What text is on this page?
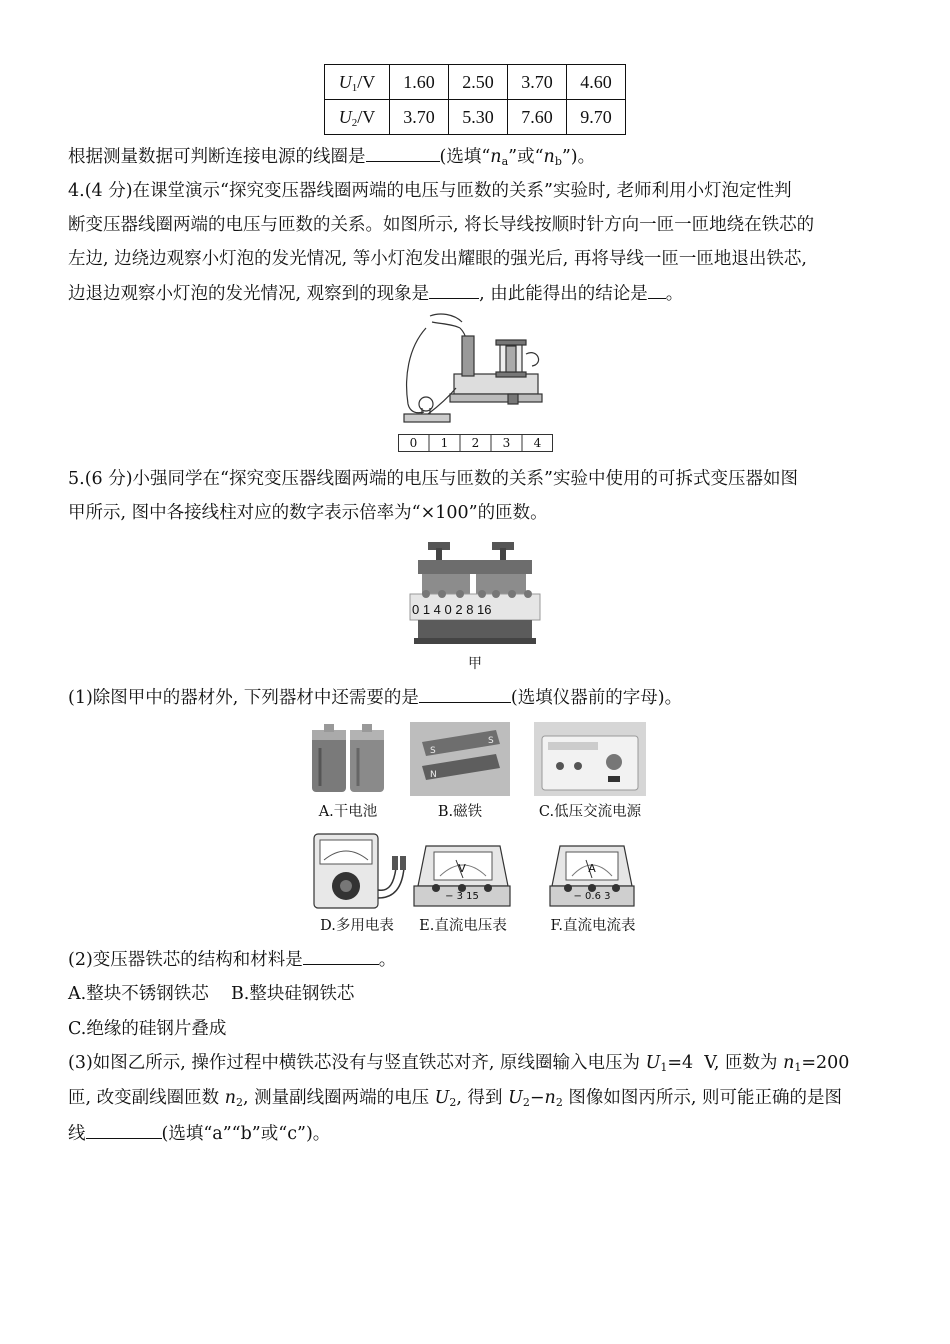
$U_1/V$	1.60	2.50	3.70	4.60
$U_2/V$	3.70	5.30	7.60	9.70
根据测量数据可判断连接电源的线圈是	(选填“$n_a$”或“$n_b$”)。
4.(4 分)在课堂演示“探究变压器线圈两端的电压与匝数的关系”实验时, 老师利用小灯泡定性判
断变压器线圈两端的电压与匝数的关系。如图所示, 将长导线按顺时针方向一匝一匝地绕在铁芯的
左边, 边绕边观察小灯泡的发光情况, 等小灯泡发出耀眼的强光后, 再将导线一匝一匝地退出铁芯,
边退边观察小灯泡的发光情况, 观察到的现象是	, 由此能得出的结论是 。
0	1	2	3	4
5.(6 分)小强同学在“探究变压器线圈两端的电压与匝数的关系”实验中使用的可拆式变压器如图
甲所示, 图中各接线柱对应的数字表示倍率为“×100”的匝数。
0 1 4 0 2 8 16
甲
(1)除图甲中的器材外, 下列器材中还需要的是	(选填仪器前的字母)。
A.干电池
S
S
N
B.磁铁	C.低压交流电源
D.多用电表
V
− 3 15
E.直流电压表
A
− 0.6 3
F.直流电流表
(2)变压器铁芯的结构和材料是	。
A.整块不锈钢铁芯    B.整块硅钢铁芯
C.绝缘的硅钢片叠成
(3)如图乙所示, 操作过程中横铁芯没有与竖直铁芯对齐, 原线圈输入电压为 $U_1=4$  V, 匝数为 $n_1=200$
匝, 改变副线圈匝数 $n_2$, 测量副线圈两端的电压 $U_2$, 得到 $U_2-n_2$ 图像如图丙所示, 则可能正确的是图
线	(选填“a”“b”或“c”)。
